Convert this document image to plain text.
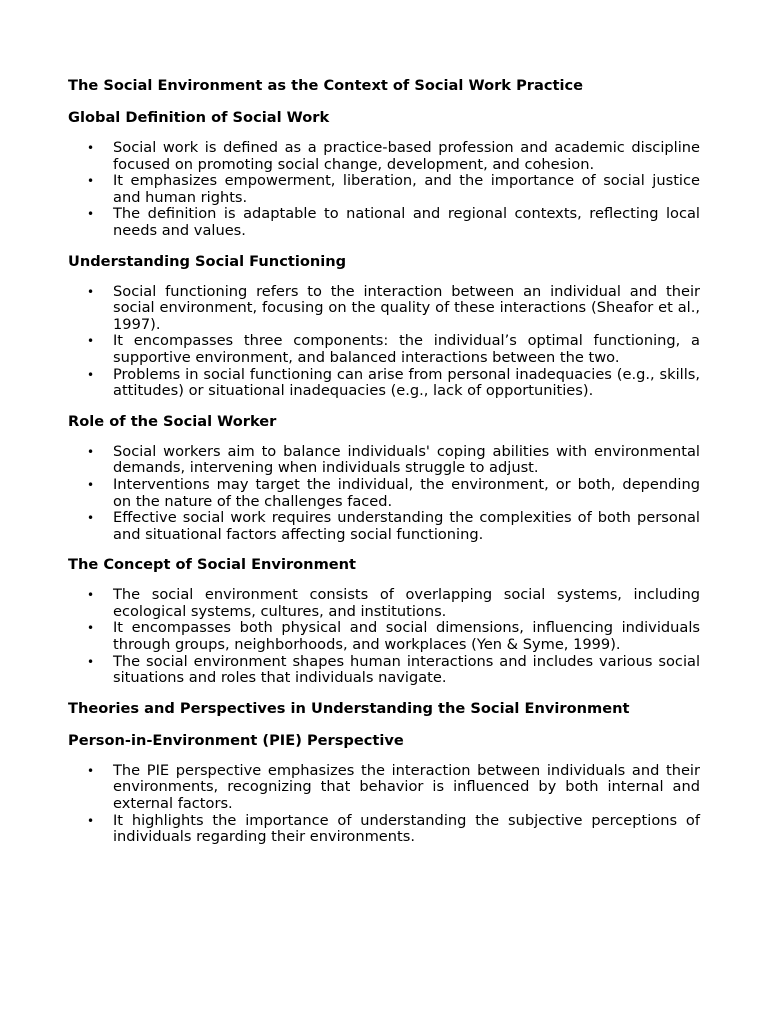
The Social Environment as the Context of Social Work Practice
Global Definition of Social Work
• Social work is defined as a practice-based profession and academic discipline focused on promoting social change, development, and cohesion.
• It emphasizes empowerment, liberation, and the importance of social justice and human rights.
• The definition is adaptable to national and regional contexts, reflecting local needs and values.
Understanding Social Functioning
• Social functioning refers to the interaction between an individual and their social environment, focusing on the quality of these interactions (Sheafor et al., 1997).
• It encompasses three components: the individual’s optimal functioning, a supportive environment, and balanced interactions between the two.
• Problems in social functioning can arise from personal inadequacies (e.g., skills, attitudes) or situational inadequacies (e.g., lack of opportunities).
Role of the Social Worker
• Social workers aim to balance individuals' coping abilities with environmental demands, intervening when individuals struggle to adjust.
• Interventions may target the individual, the environment, or both, depending on the nature of the challenges faced.
• Effective social work requires understanding the complexities of both personal and situational factors affecting social functioning.
The Concept of Social Environment
• The social environment consists of overlapping social systems, including ecological systems, cultures, and institutions.
• It encompasses both physical and social dimensions, influencing individuals through groups, neighborhoods, and workplaces (Yen & Syme, 1999).
• The social environment shapes human interactions and includes various social situations and roles that individuals navigate.
Theories and Perspectives in Understanding the Social Environment
Person-in-Environment (PIE) Perspective
• The PIE perspective emphasizes the interaction between individuals and their environments, recognizing that behavior is influenced by both internal and external factors.
• It highlights the importance of understanding the subjective perceptions of individuals regarding their environments.
